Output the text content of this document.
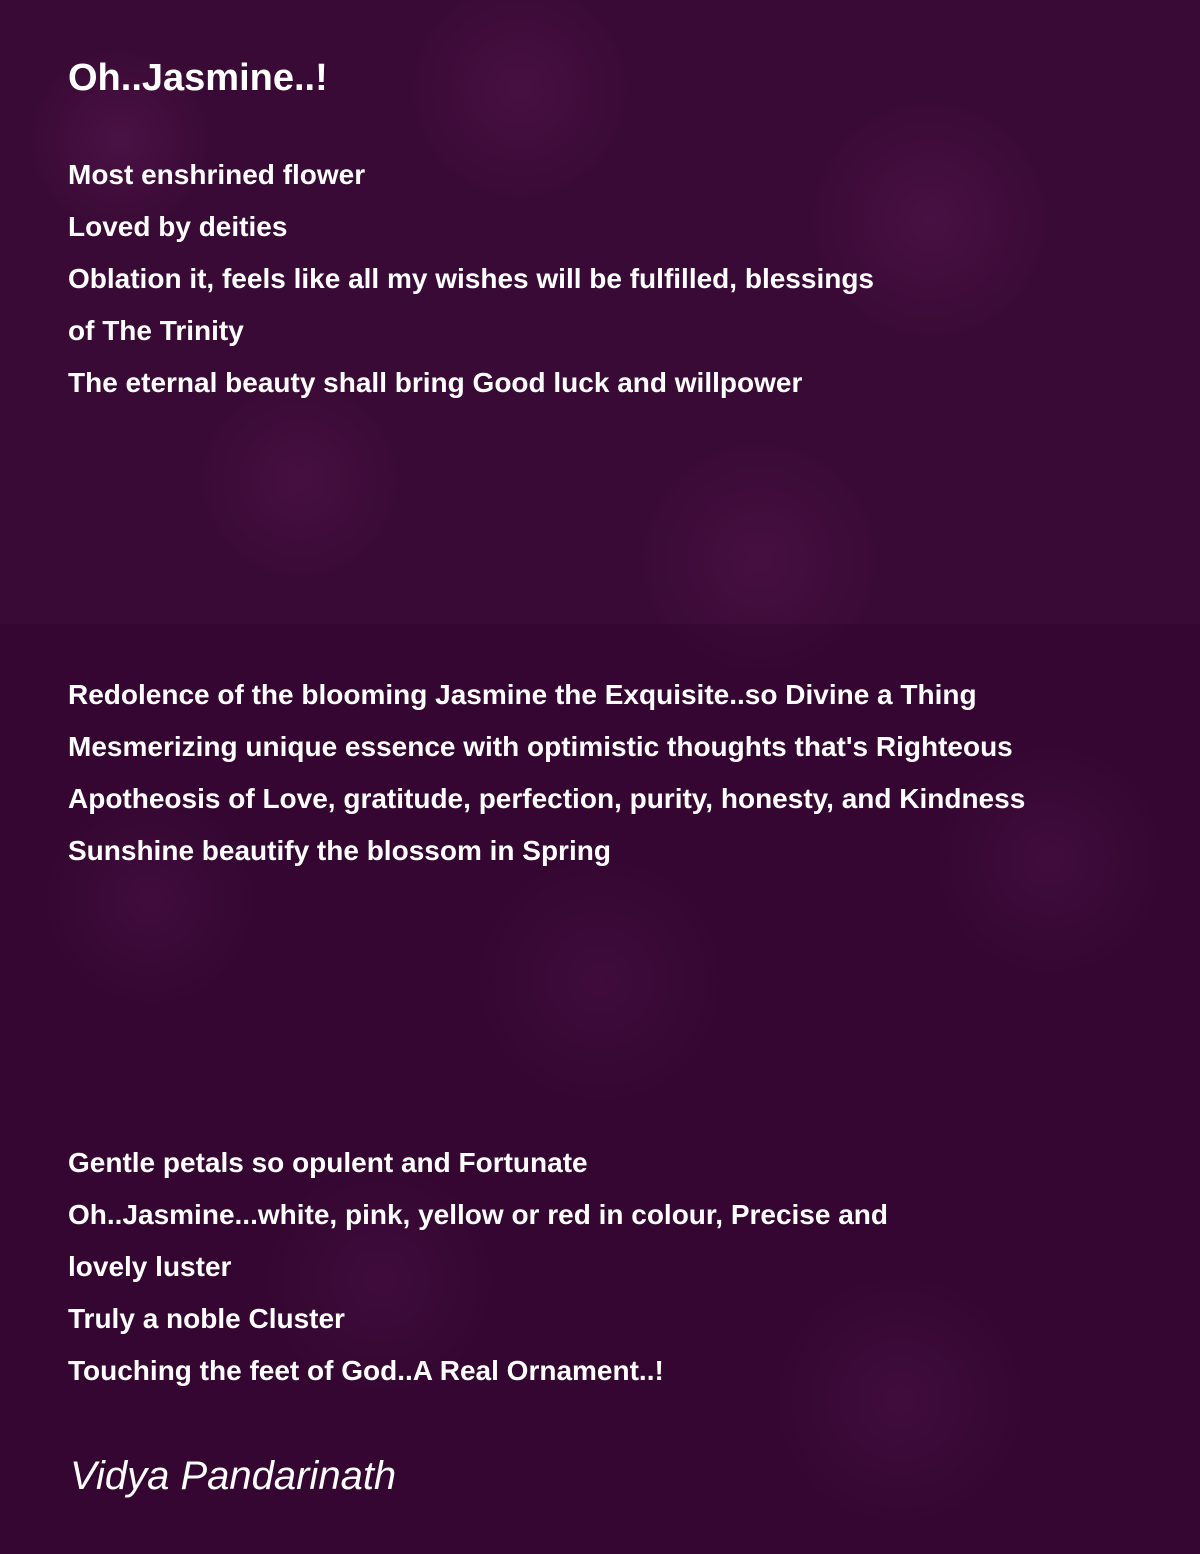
Oh..Jasmine..!
Most enshrined flower
Loved by deities
Oblation it, feels like all my wishes will be fulfilled, blessings
of The Trinity
The eternal beauty shall bring Good luck and willpower
Redolence of the blooming Jasmine the Exquisite..so Divine a Thing
Mesmerizing unique essence with optimistic thoughts that's Righteous
Apotheosis of Love, gratitude, perfection, purity, honesty, and Kindness
Sunshine beautify the blossom in Spring
Gentle petals so opulent and Fortunate
Oh..Jasmine...white, pink, yellow or red in colour, Precise and
lovely luster
Truly a noble Cluster
Touching the feet of God..A Real Ornament..!

Vidya Pandarinath
